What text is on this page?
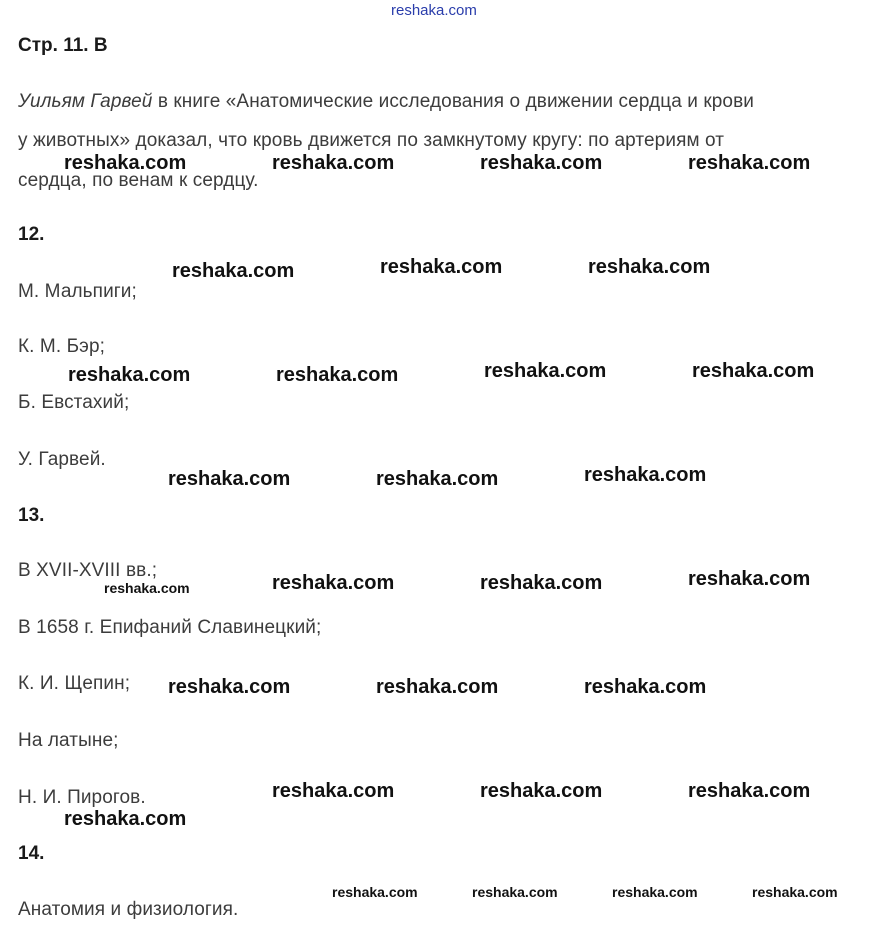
reshaka.com
Стр. 11. В
Уильям Гарвей в книге «Анатомические исследования о движении сердца и крови
у животных» доказал, что кровь движется по замкнутому кругу: по артериям от
сердца, по венам к сердцу.
12.
М. Мальпиги;
К. М. Бэр;
Б. Евстахий;
У. Гарвей.
13.
В XVII-XVIII вв.;
В 1658 г. Епифаний Славинецкий;
К. И. Щепин;
На латыне;
Н. И. Пирогов.
14.
Анатомия и физиология.
reshaka.com	reshaka.com	reshaka.com	reshaka.com
reshaka.com	reshaka.com	reshaka.com
reshaka.com	reshaka.com	reshaka.com	reshaka.com
reshaka.com	reshaka.com	reshaka.com
reshaka.com	reshaka.com	reshaka.com	reshaka.com
reshaka.com	reshaka.com	reshaka.com
reshaka.com	reshaka.com	reshaka.com
reshaka.com
reshaka.com	reshaka.com	reshaka.com	reshaka.com
